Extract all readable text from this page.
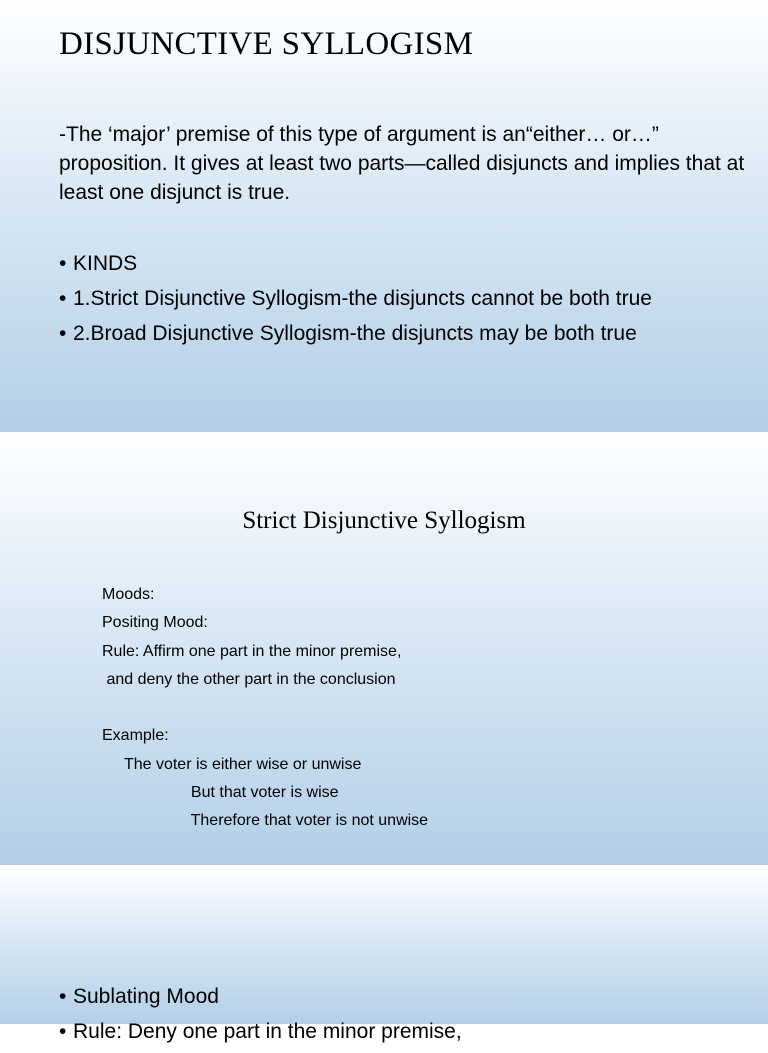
DISJUNCTIVE SYLLOGISM

-The ‘major’ premise of this type of argument is an“either… or…” proposition. It gives at least two parts—called disjuncts and implies that at least one disjunct is true.

• KINDS
• 1.Strict Disjunctive Syllogism-the disjuncts cannot be both true
• 2.Broad Disjunctive Syllogism-the disjuncts may be both true
Strict Disjunctive Syllogism
Moods:
Positing Mood:
Rule: Affirm one part in the minor premise,
and deny the other part in the conclusion

Example:
The voter is either wise or unwise
But that voter is wise
Therefore that voter is not unwise
• Sublating Mood
• Rule: Deny one part in the minor premise,
